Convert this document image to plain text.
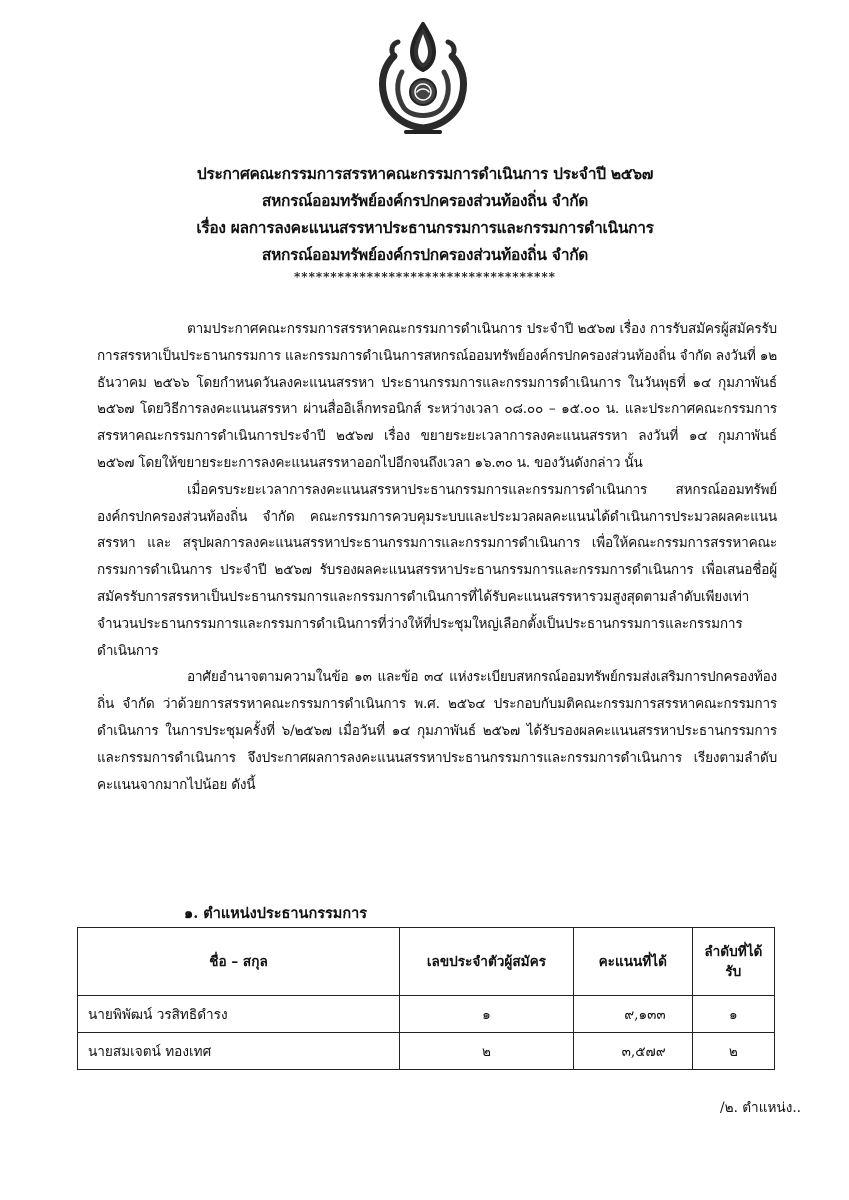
ประกาศคณะกรรมการสรรหาคณะกรรมการดำเนินการ ประจำปี ๒๕๖๗
สหกรณ์ออมทรัพย์องค์กรปกครองส่วนท้องถิ่น จำกัด
เรื่อง ผลการลงคะแนนสรรหาประธานกรรมการและกรรมการดำเนินการ
สหกรณ์ออมทรัพย์องค์กรปกครองส่วนท้องถิ่น จำกัด
************************************

ตามประกาศคณะกรรมการสรรหาคณะกรรมการดำเนินการ ประจำปี ๒๕๖๗ เรื่อง การรับสมัครผู้สมัครรับการสรรหาเป็นประธานกรรมการ และกรรมการดำเนินการสหกรณ์ออมทรัพย์องค์กรปกครองส่วนท้องถิ่น จำกัด ลงวันที่ ๑๒ ธันวาคม ๒๕๖๖ โดยกำหนดวันลงคะแนนสรรหา ประธานกรรมการและกรรมการดำเนินการ ในวันพุธที่ ๑๔ กุมภาพันธ์ ๒๕๖๗ โดยวิธีการลงคะแนนสรรหา ผ่านสื่ออิเล็กทรอนิกส์ ระหว่างเวลา ๐๘.๐๐ – ๑๕.๐๐ น. และประกาศคณะกรรมการสรรหาคณะกรรมการดำเนินการประจำปี ๒๕๖๗ เรื่อง ขยายระยะเวลาการลงคะแนนสรรหา ลงวันที่ ๑๔ กุมภาพันธ์ ๒๕๖๗ โดยให้ขยายระยะการลงคะแนนสรรหาออกไปอีกจนถึงเวลา ๑๖.๓๐ น. ของวันดังกล่าว นั้น

เมื่อครบระยะเวลาการลงคะแนนสรรหาประธานกรรมการและกรรมการดำเนินการ สหกรณ์ออมทรัพย์องค์กรปกครองส่วนท้องถิ่น จำกัด คณะกรรมการควบคุมระบบและประมวลผลคะแนนได้ดำเนินการประมวลผลคะแนนสรรหา และ สรุปผลการลงคะแนนสรรหาประธานกรรมการและกรรมการดำเนินการ เพื่อให้คณะกรรมการสรรหาคณะกรรมการดำเนินการ ประจำปี ๒๕๖๗ รับรองผลคะแนนสรรหาประธานกรรมการและกรรมการดำเนินการ เพื่อเสนอชื่อผู้สมัครรับการสรรหาเป็นประธานกรรมการและกรรมการดำเนินการที่ได้รับคะแนนสรรหารวมสูงสุดตามลำดับเพียงเท่าจำนวนประธานกรรมการและกรรมการดำเนินการที่ว่างให้ที่ประชุมใหญ่เลือกตั้งเป็นประธานกรรมการและกรรมการดำเนินการ

อาศัยอำนาจตามความในข้อ ๑๓ และข้อ ๓๔ แห่งระเบียบสหกรณ์ออมทรัพย์กรมส่งเสริมการปกครองท้องถิ่น จำกัด ว่าด้วยการสรรหาคณะกรรมการดำเนินการ พ.ศ. ๒๕๖๔ ประกอบกับมติคณะกรรมการสรรหาคณะกรรมการดำเนินการ ในการประชุมครั้งที่ ๖/๒๕๖๗ เมื่อวันที่ ๑๔ กุมภาพันธ์ ๒๕๖๗ ได้รับรองผลคะแนนสรรหาประธานกรรมการและกรรมการดำเนินการ จึงประกาศผลการลงคะแนนสรรหาประธานกรรมการและกรรมการดำเนินการ เรียงตามลำดับคะแนนจากมากไปน้อย ดังนี้

๑. ตำแหน่งประธานกรรมการ
ชื่อ – สกุล	เลขประจำตัวผู้สมัคร	คะแนนที่ได้	ลำดับที่ได้รับ
นายพิพัฒน์ วรสิทธิดำรง	๑	๙,๑๓๓	๑
นายสมเจตน์ ทองเทศ	๒	๓,๕๗๙	๒
/๒. ตำแหน่ง..
